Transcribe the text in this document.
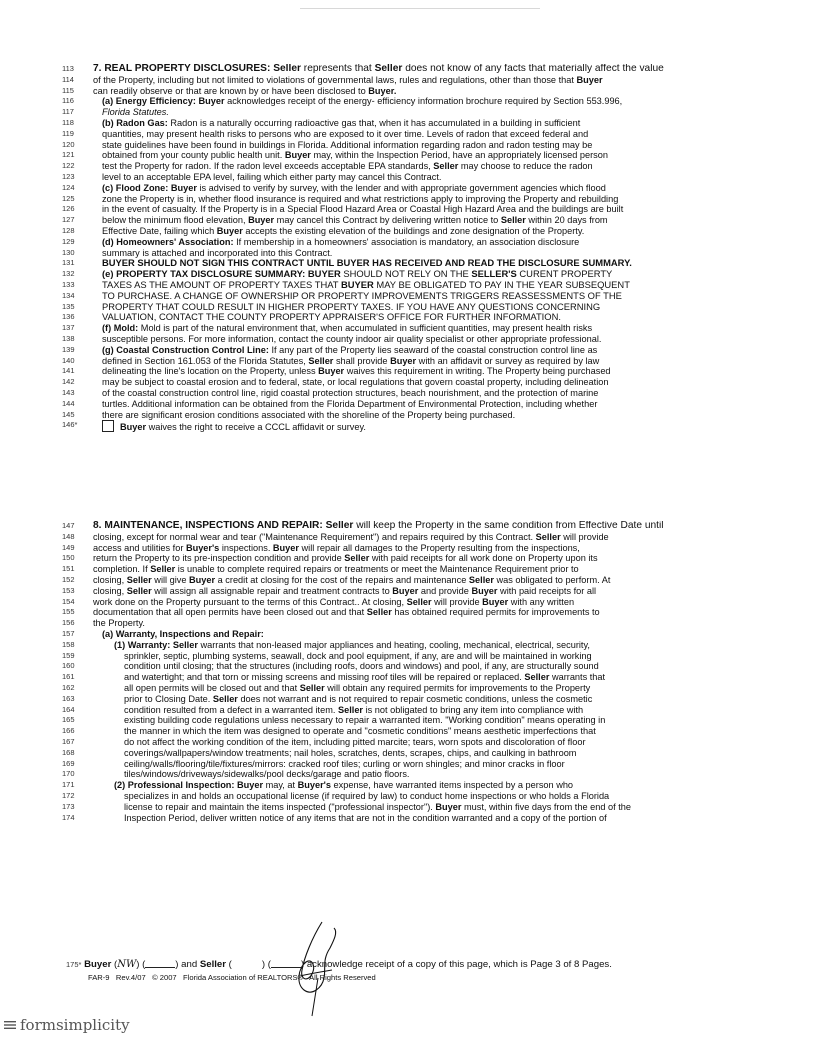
113	7. REAL PROPERTY DISCLOSURES: Seller represents that Seller does not know of any facts that materially affect the value
114	of the Property, including but not limited to violations of governmental laws, rules and regulations, other than those that Buyer
115	can readily observe or that are known by or have been disclosed to Buyer.
116	(a) Energy Efficiency: Buyer acknowledges receipt of the energy- efficiency information brochure required by Section 553.996,
117	Florida Statutes.
118	(b) Radon Gas: Radon is a naturally occurring radioactive gas that, when it has accumulated in a building in sufficient
119	quantities, may present health risks to persons who are exposed to it over time. Levels of radon that exceed federal and
120	state guidelines have been found in buildings in Florida. Additional information regarding radon and radon testing may be
121	obtained from your county public health unit. Buyer may, within the Inspection Period, have an appropriately licensed person
122	test the Property for radon. If the radon level exceeds acceptable EPA standards, Seller may choose to reduce the radon
123	level to an acceptable EPA level, failing which either party may cancel this Contract.
124	(c) Flood Zone: Buyer is advised to verify by survey, with the lender and with appropriate government agencies which flood
125	zone the Property is in, whether flood insurance is required and what restrictions apply to improving the Property and rebuilding
126	in the event of casualty. If the Property is in a Special Flood Hazard Area or Coastal High Hazard Area and the buildings are built
127	below the minimum flood elevation, Buyer may cancel this Contract by delivering written notice to Seller within 20 days from
128	Effective Date, failing which Buyer accepts the existing elevation of the buildings and zone designation of the Property.
129	(d) Homeowners' Association: If membership in a homeowners' association is mandatory, an association disclosure
130	summary is attached and incorporated into this Contract.
131	BUYER SHOULD NOT SIGN THIS CONTRACT UNTIL BUYER HAS RECEIVED AND READ THE DISCLOSURE SUMMARY.
132	(e) PROPERTY TAX DISCLOSURE SUMMARY: BUYER SHOULD NOT RELY ON THE SELLER'S CURENT PROPERTY
133	TAXES AS THE AMOUNT OF PROPERTY TAXES THAT BUYER MAY BE OBLIGATED TO PAY IN THE YEAR SUBSEQUENT
134	TO PURCHASE. A CHANGE OF OWNERSHIP OR PROPERTY IMPROVEMENTS TRIGGERS REASSESSMENTS OF THE
135	PROPERTY THAT COULD RESULT IN HIGHER PROPERTY TAXES. IF YOU HAVE ANY QUESTIONS CONCERNING
136	VALUATION, CONTACT THE COUNTY PROPERTY APPRAISER'S OFFICE FOR FURTHER INFORMATION.
137	(f) Mold: Mold is part of the natural environment that, when accumulated in sufficient quantities, may present health risks
138	susceptible persons. For more information, contact the county indoor air quality specialist or other appropriate professional.
139	(g) Coastal Construction Control Line: If any part of the Property lies seaward of the coastal construction control line as
140	defined in Section 161.053 of the Florida Statutes, Seller shall provide Buyer with an affidavit or survey as required by law
141	delineating the line's location on the Property, unless Buyer waives this requirement in writing. The Property being purchased
142	may be subject to coastal erosion and to federal, state, or local regulations that govern coastal property, including delineation
143	of the coastal construction control line, rigid coastal protection structures, beach nourishment, and the protection of marine
144	turtles. Additional information can be obtained from the Florida Department of Environmental Protection, including whether
145	there are significant erosion conditions associated with the shoreline of the Property being purchased.
146*	Buyer waives the right to receive a CCCL affidavit or survey.
147	8. MAINTENANCE, INSPECTIONS AND REPAIR: Seller will keep the Property in the same condition from Effective Date until
148	closing, except for normal wear and tear ("Maintenance Requirement") and repairs required by this Contract. Seller will provide
149	access and utilities for Buyer's inspections. Buyer will repair all damages to the Property resulting from the inspections,
150	return the Property to its pre-inspection condition and provide Seller with paid receipts for all work done on Property upon its
151	completion. If Seller is unable to complete required repairs or treatments or meet the Maintenance Requirement prior to
152	closing, Seller will give Buyer a credit at closing for the cost of the repairs and maintenance Seller was obligated to perform. At
153	closing, Seller will assign all assignable repair and treatment contracts to Buyer and provide Buyer with paid receipts for all
154	work done on the Property pursuant to the terms of this Contract.. At closing, Seller will provide Buyer with any written
155	documentation that all open permits have been closed out and that Seller has obtained required permits for improvements to
156	the Property.
157	(a) Warranty, Inspections and Repair:
158	(1) Warranty: Seller warrants that non-leased major appliances and heating, cooling, mechanical, electrical, security,
159	sprinkler, septic, plumbing systems, seawall, dock and pool equipment, if any, are and will be maintained in working
160	condition until closing; that the structures (including roofs, doors and windows) and pool, if any, are structurally sound
161	and watertight; and that torn or missing screens and missing roof tiles will be repaired or replaced. Seller warrants that
162	all open permits will be closed out and that Seller will obtain any required permits for improvements to the Property
163	prior to Closing Date. Seller does not warrant and is not required to repair cosmetic conditions, unless the cosmetic
164	condition resulted from a defect in a warranted item. Seller is not obligated to bring any item into compliance with
165	existing building code regulations unless necessary to repair a warranted item. "Working condition" means operating in
166	the manner in which the item was designed to operate and "cosmetic conditions" means aesthetic imperfections that
167	do not affect the working condition of the item, including pitted marcite; tears, worn spots and discoloration of floor
168	coverings/wallpapers/window treatments; nail holes, scratches, dents, scrapes, chips, and caulking in bathroom
169	ceiling/walls/flooring/tile/fixtures/mirrors: cracked roof tiles; curling or worn shingles; and minor cracks in floor
170	tiles/windows/driveways/sidewalks/pool decks/garage and patio floors.
171	(2) Professional Inspection: Buyer may, at Buyer's expense, have warranted items inspected by a person who
172	specializes in and holds an occupational license (if required by law) to conduct home inspections or who holds a Florida
173	license to repair and maintain the items inspected ("professional inspector"). Buyer must, within five days from the end of the
174	Inspection Period, deliver written notice of any items that are not in the condition warranted and a copy of the portion of
175* Buyer (NW) (	) and Seller (	) (	) acknowledge receipt of a copy of this page, which is Page 3 of 8 Pages.
FAR-9 Rev.4/07 © 2007 Florida Association of REALTORS® All Rights Reserved
formsimplicity
